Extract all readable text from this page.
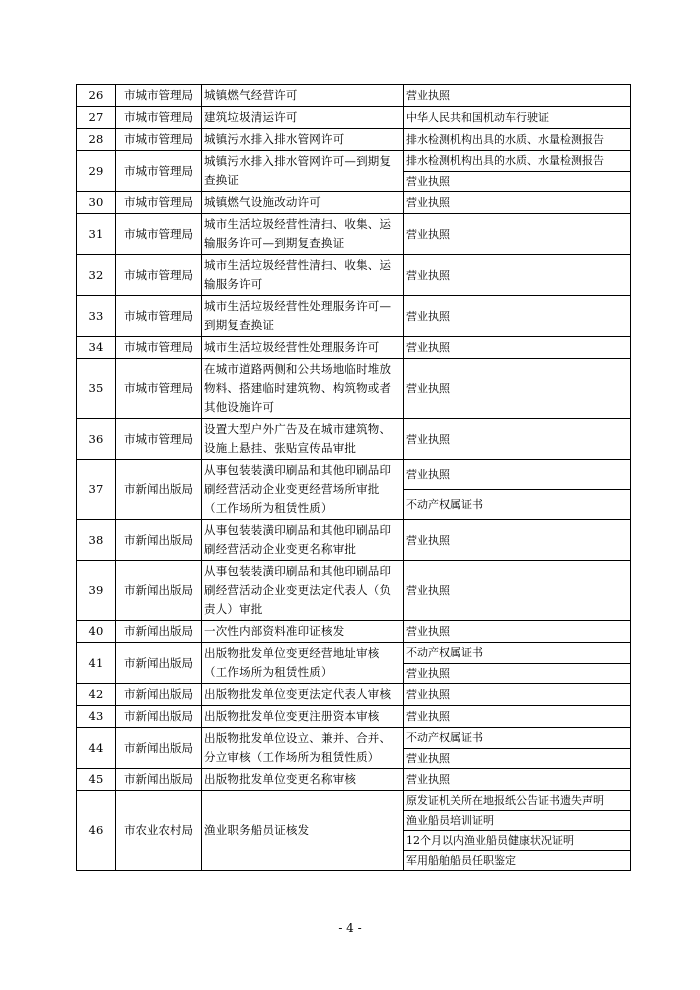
26	市城市管理局	城镇燃气经营许可	营业执照
27	市城市管理局	建筑垃圾清运许可	中华人民共和国机动车行驶证
28	市城市管理局	城镇污水排入排水管网许可	排水检测机构出具的水质、水量检测报告
29	市城市管理局	城镇污水排入排水管网许可—到期复查换证	排水检测机构出具的水质、水量检测报告
			营业执照
30	市城市管理局	城镇燃气设施改动许可	营业执照
31	市城市管理局	城市生活垃圾经营性清扫、收集、运输服务许可—到期复查换证	营业执照
32	市城市管理局	城市生活垃圾经营性清扫、收集、运输服务许可	营业执照
33	市城市管理局	城市生活垃圾经营性处理服务许可—到期复查换证	营业执照
34	市城市管理局	城市生活垃圾经营性处理服务许可	营业执照
35	市城市管理局	在城市道路两侧和公共场地临时堆放物料、搭建临时建筑物、构筑物或者其他设施许可	营业执照
36	市城市管理局	设置大型户外广告及在城市建筑物、设施上悬挂、张贴宣传品审批	营业执照
37	市新闻出版局	从事包装装潢印刷品和其他印刷品印刷经营活动企业变更经营场所审批（工作场所为租赁性质）	营业执照
			不动产权属证书
38	市新闻出版局	从事包装装潢印刷品和其他印刷品印刷经营活动企业变更名称审批	营业执照
39	市新闻出版局	从事包装装潢印刷品和其他印刷品印刷经营活动企业变更法定代表人（负责人）审批	营业执照
40	市新闻出版局	一次性内部资料准印证核发	营业执照
41	市新闻出版局	出版物批发单位变更经营地址审核（工作场所为租赁性质）	不动产权属证书
			营业执照
42	市新闻出版局	出版物批发单位变更法定代表人审核	营业执照
43	市新闻出版局	出版物批发单位变更注册资本审核	营业执照
44	市新闻出版局	出版物批发单位设立、兼并、合并、分立审核（工作场所为租赁性质）	不动产权属证书
			营业执照
45	市新闻出版局	出版物批发单位变更名称审核	营业执照
46	市农业农村局	渔业职务船员证核发	原发证机关所在地报纸公告证书遗失声明
			渔业船员培训证明
			12个月以内渔业船员健康状况证明
			军用船舶船员任职鉴定
- 4 -
